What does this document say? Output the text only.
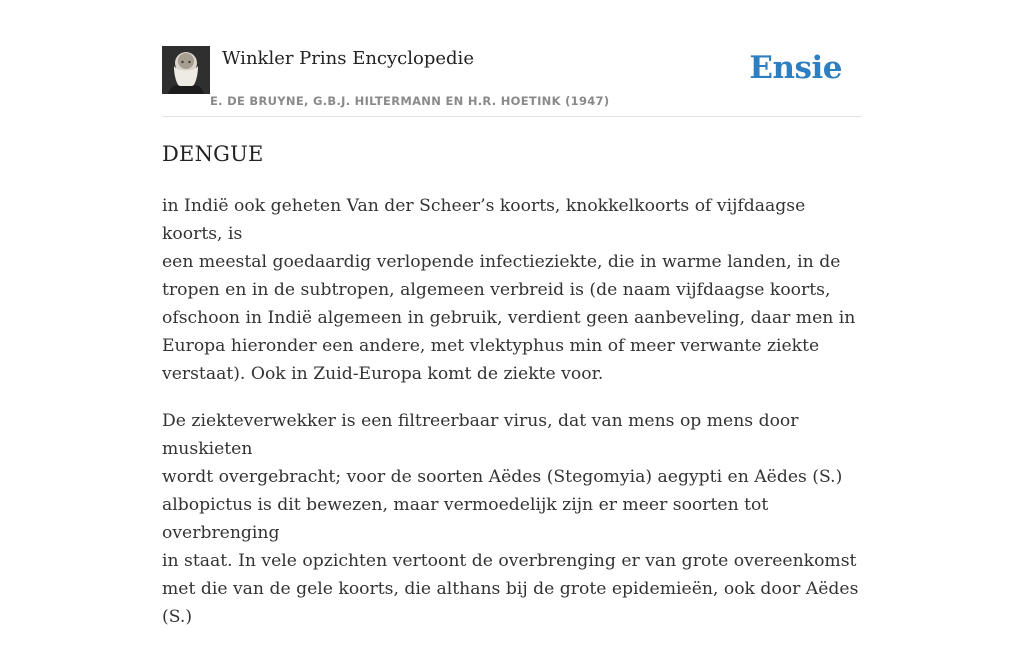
Winkler Prins Encyclopedie
E. DE BRUYNE, G.B.J. HILTERMANN EN H.R. HOETINK (1947)
Ensie
DENGUE

in Indië ook geheten Van der Scheer’s koorts, knokkelkoorts of vijfdaagse koorts, is
een meestal goedaardig verlopende infectieziekte, die in warme landen, in de
tropen en in de subtropen, algemeen verbreid is (de naam vijfdaagse koorts,
ofschoon in Indië algemeen in gebruik, verdient geen aanbeveling, daar men in
Europa hieronder een andere, met vlektyphus min of meer verwante ziekte
verstaat). Ook in Zuid-Europa komt de ziekte voor.

De ziekteverwekker is een filtreerbaar virus, dat van mens op mens door muskieten
wordt overgebracht; voor de soorten Aëdes (Stegomyia) aegypti en Aëdes (S.)
albopictus is dit bewezen, maar vermoedelijk zijn er meer soorten tot overbrenging
in staat. In vele opzichten vertoont de overbrenging er van grote overeenkomst
met die van de gele koorts, die althans bij de grote epidemieën, ook door Aëdes (S.)
